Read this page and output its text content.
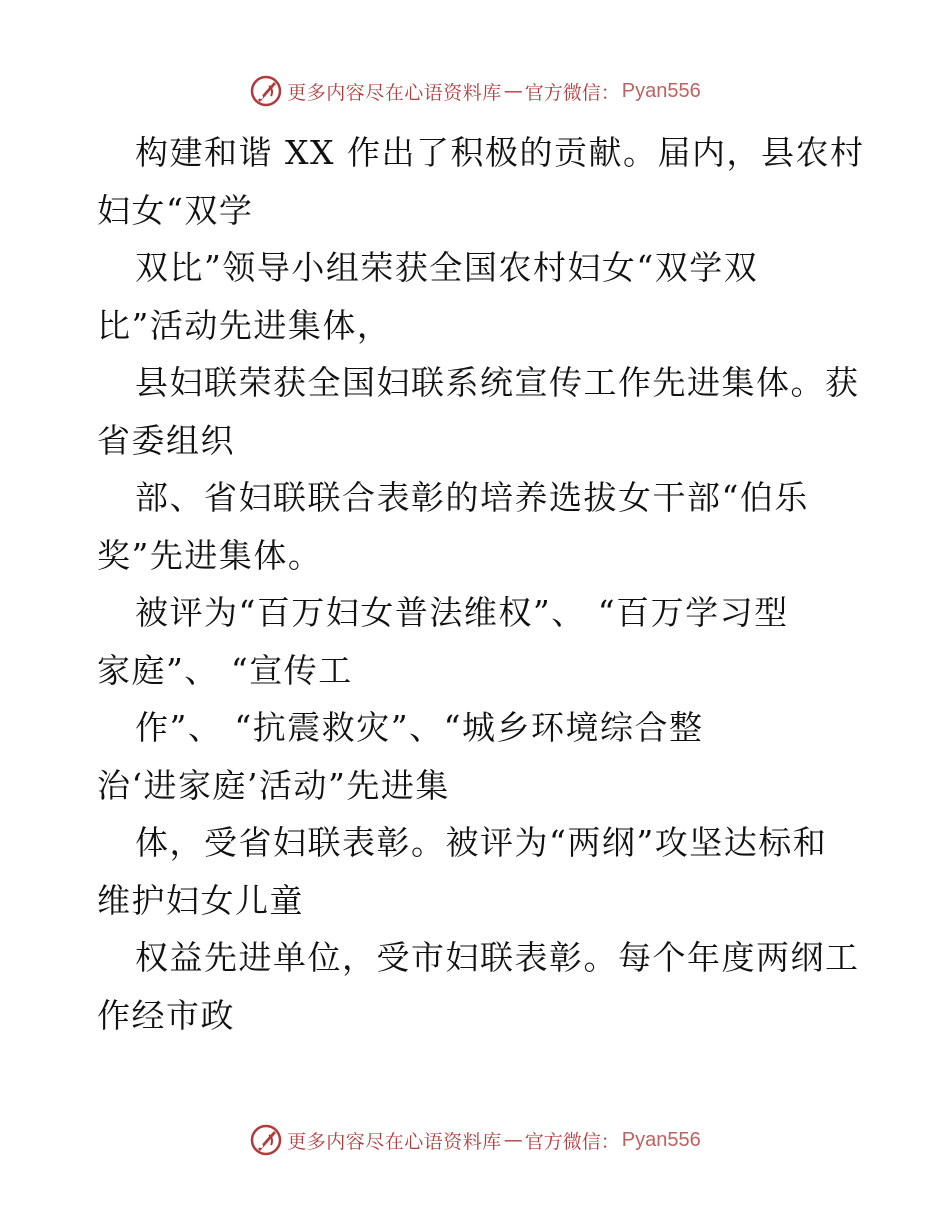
更多内容尽在心语资料库 — 官方微信： Pyan556
构建和谐 XX 作出了积极的贡献。届内，县农村
妇女“双学
双比”领导小组荣获全国农村妇女“双学双
比”活动先进集体，
县妇联荣获全国妇联系统宣传工作先进集体。获
省委组织
部、省妇联联合表彰的培养选拔女干部“伯乐
奖”先进集体。
被评为“百万妇女普法维权”、 “百万学习型
家庭”、 “宣传工
作”、 “抗震救灾”、“城乡环境综合整
治‘进家庭’活动”先进集
体，受省妇联表彰。被评为“两纲”攻坚达标和
维护妇女儿童
权益先进单位，受市妇联表彰。每个年度两纲工
作经市政
更多内容尽在心语资料库 — 官方微信： Pyan556
